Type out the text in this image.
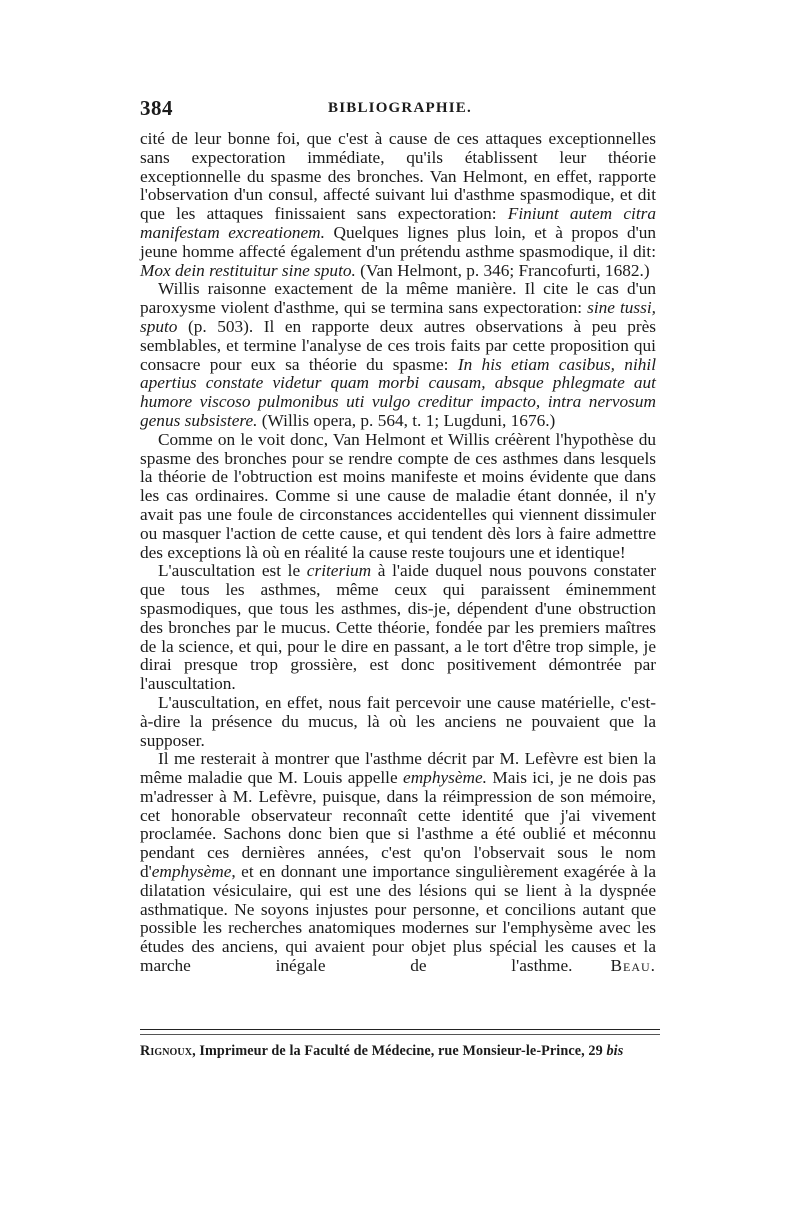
384	BIBLIOGRAPHIE.

cité de leur bonne foi, que c'est à cause de ces attaques exceptionnelles sans expectoration immédiate, qu'ils établissent leur théorie exceptionnelle du spasme des bronches. Van Helmont, en effet, rapporte l'observation d'un consul, affecté suivant lui d'asthme spasmodique, et dit que les attaques finissaient sans expectoration: Finiunt autem citra manifestam excreationem. Quelques lignes plus loin, et à propos d'un jeune homme affecté également d'un prétendu asthme spasmodique, il dit: Mox dein restituitur sine sputo. (Van Helmont, p. 346; Francofurti, 1682.)

Willis raisonne exactement de la même manière. Il cite le cas d'un paroxysme violent d'asthme, qui se termina sans expectoration: sine tussi, sputo (p. 503). Il en rapporte deux autres observations à peu près semblables, et termine l'analyse de ces trois faits par cette proposition qui consacre pour eux sa théorie du spasme: In his etiam casibus, nihil apertius constate videtur quam morbi causam, absque phlegmate aut humore viscoso pulmonibus uti vulgo creditur impacto, intra nervosum genus subsistere. (Willis opera, p. 564, t. 1; Lugduni, 1676.)

Comme on le voit donc, Van Helmont et Willis créèrent l'hypothèse du spasme des bronches pour se rendre compte de ces asthmes dans lesquels la théorie de l'obtruction est moins manifeste et moins évidente que dans les cas ordinaires. Comme si une cause de maladie étant donnée, il n'y avait pas une foule de circonstances accidentelles qui viennent dissimuler ou masquer l'action de cette cause, et qui tendent dès lors à faire admettre des exceptions là où en réalité la cause reste toujours une et identique!

L'auscultation est le criterium à l'aide duquel nous pouvons constater que tous les asthmes, même ceux qui paraissent éminemment spasmodiques, que tous les asthmes, dis-je, dépendent d'une obstruction des bronches par le mucus. Cette théorie, fondée par les premiers maîtres de la science, et qui, pour le dire en passant, a le tort d'être trop simple, je dirai presque trop grossière, est donc positivement démontrée par l'auscultation.

L'auscultation, en effet, nous fait percevoir une cause matérielle, c'est-à-dire la présence du mucus, là où les anciens ne pouvaient que la supposer.

Il me resterait à montrer que l'asthme décrit par M. Lefèvre est bien la même maladie que M. Louis appelle emphysème. Mais ici, je ne dois pas m'adresser à M. Lefèvre, puisque, dans la réimpression de son mémoire, cet honorable observateur reconnaît cette identité que j'ai vivement proclamée. Sachons donc bien que si l'asthme a été oublié et méconnu pendant ces dernières années, c'est qu'on l'observait sous le nom d'emphysème, et en donnant une importance singulièrement exagérée à la dilatation vésiculaire, qui est une des lésions qui se lient à la dyspnée asthmatique. Ne soyons injustes pour personne, et concilions autant que possible les recherches anatomiques modernes sur l'emphysème avec les études des anciens, qui avaient pour objet plus spécial les causes et la marche inégale de l'asthme.	Beau.

Rignoux, Imprimeur de la Faculté de Médecine, rue Monsieur-le-Prince, 29 bis
